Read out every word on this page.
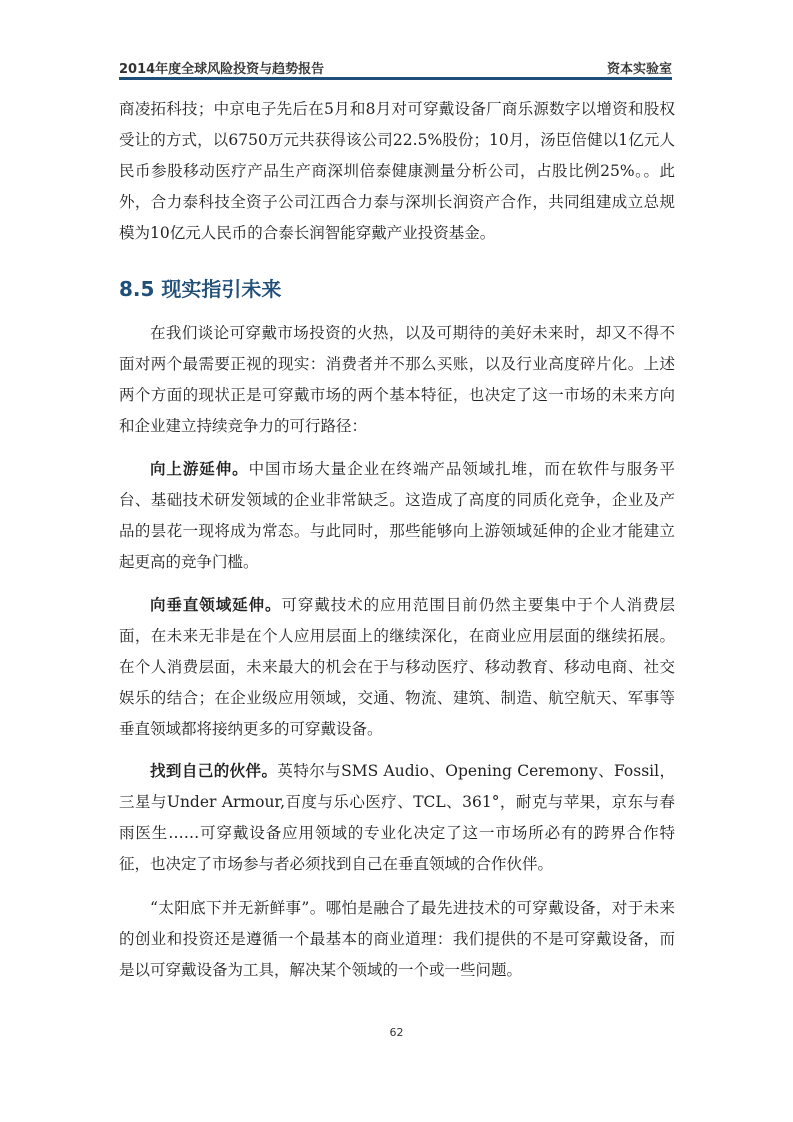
2014年度全球风险投资与趋势报告	资本实验室

商凌拓科技；中京电子先后在5月和8月对可穿戴设备厂商乐源数字以增资和股权受让的方式，以6750万元共获得该公司22.5%股份；10月，汤臣倍健以1亿元人民币参股移动医疗产品生产商深圳倍泰健康测量分析公司，占股比例25%。。此外，合力泰科技全资子公司江西合力泰与深圳长润资产合作，共同组建成立总规模为10亿元人民币的合泰长润智能穿戴产业投资基金。

8.5 现实指引未来

在我们谈论可穿戴市场投资的火热，以及可期待的美好未来时，却又不得不面对两个最需要正视的现实：消费者并不那么买账，以及行业高度碎片化。上述两个方面的现状正是可穿戴市场的两个基本特征，也决定了这一市场的未来方向和企业建立持续竞争力的可行路径：

向上游延伸。中国市场大量企业在终端产品领域扎堆，而在软件与服务平台、基础技术研发领域的企业非常缺乏。这造成了高度的同质化竞争，企业及产品的昙花一现将成为常态。与此同时，那些能够向上游领域延伸的企业才能建立起更高的竞争门槛。

向垂直领域延伸。可穿戴技术的应用范围目前仍然主要集中于个人消费层面，在未来无非是在个人应用层面上的继续深化，在商业应用层面的继续拓展。在个人消费层面，未来最大的机会在于与移动医疗、移动教育、移动电商、社交娱乐的结合；在企业级应用领域，交通、物流、建筑、制造、航空航天、军事等垂直领域都将接纳更多的可穿戴设备。

找到自己的伙伴。英特尔与SMS Audio、Opening Ceremony、Fossil，三星与Under Armour,百度与乐心医疗、TCL、361°，耐克与苹果，京东与春雨医生……可穿戴设备应用领域的专业化决定了这一市场所必有的跨界合作特征，也决定了市场参与者必须找到自己在垂直领域的合作伙伴。

“太阳底下并无新鲜事”。哪怕是融合了最先进技术的可穿戴设备，对于未来的创业和投资还是遵循一个最基本的商业道理：我们提供的不是可穿戴设备，而是以可穿戴设备为工具，解决某个领域的一个或一些问题。

62
